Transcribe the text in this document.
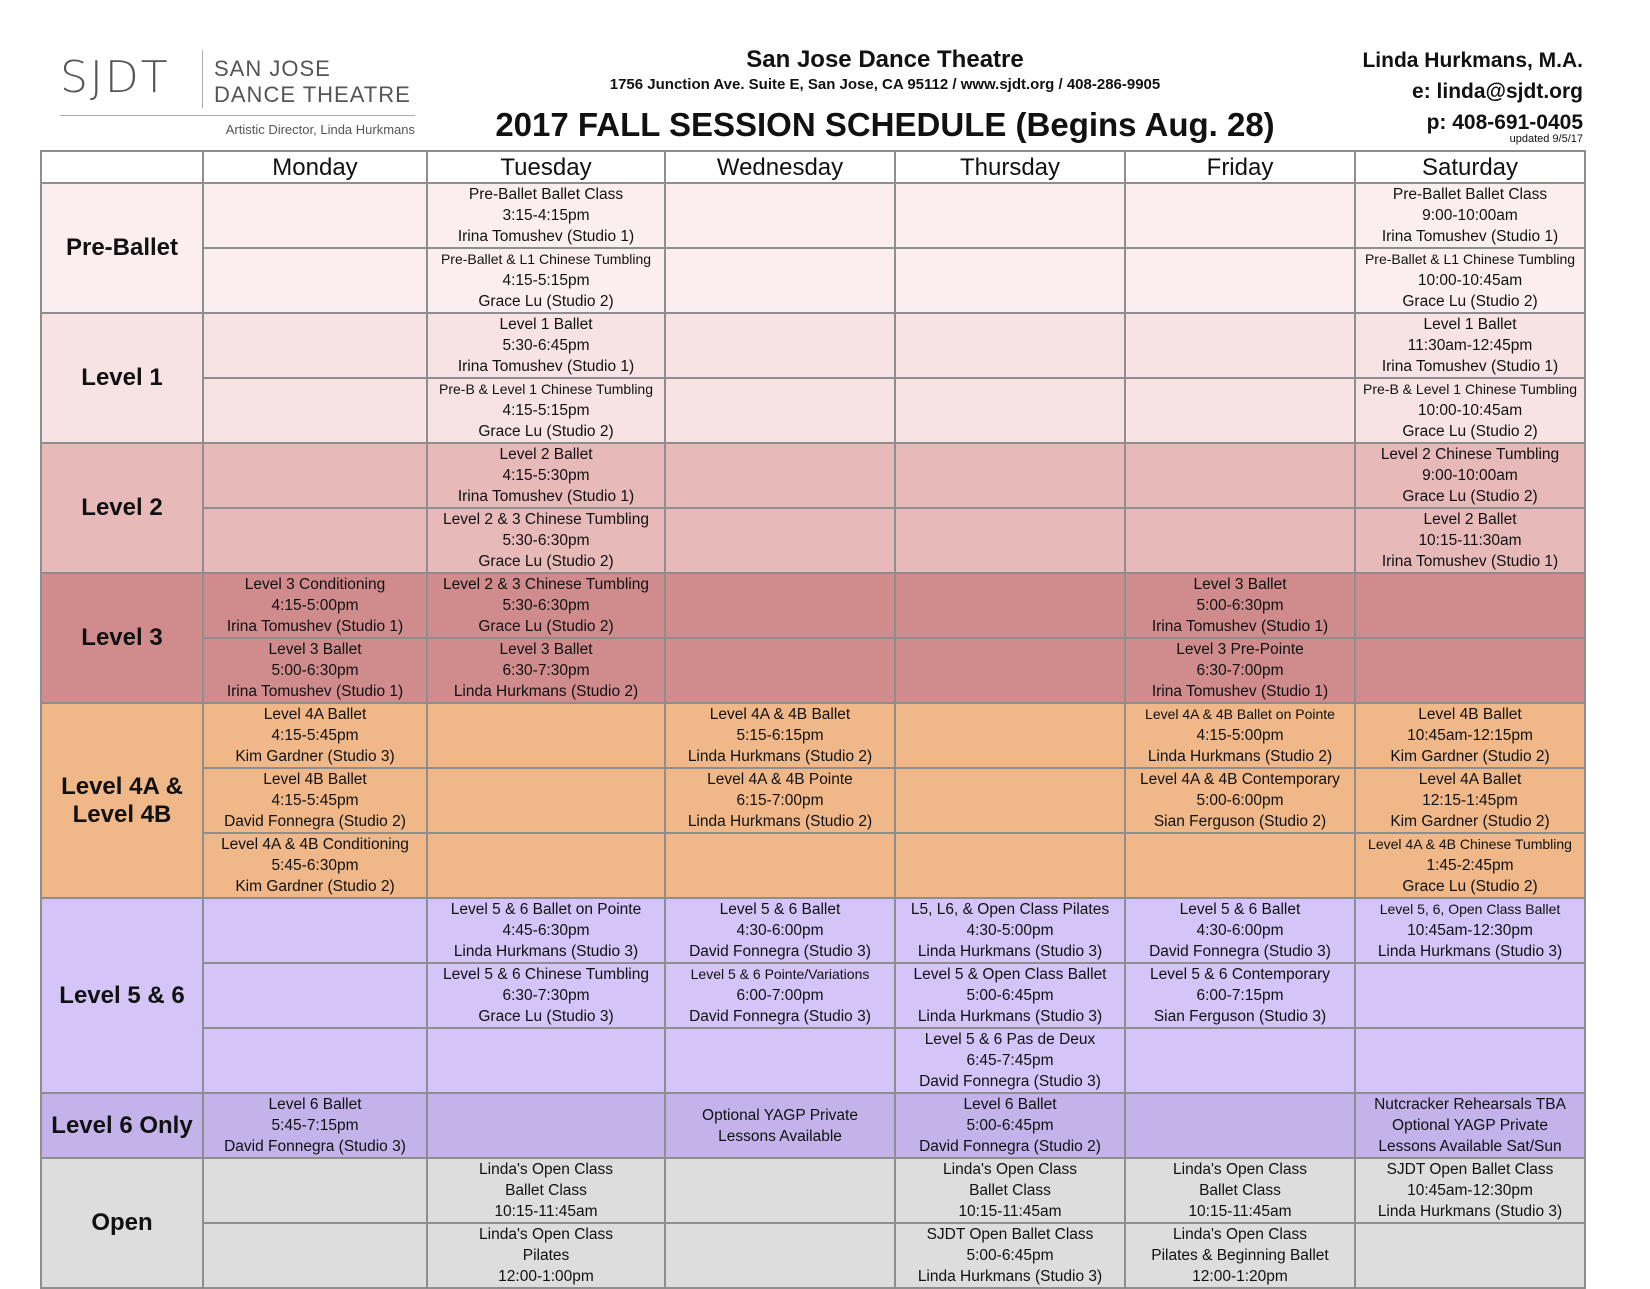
SJDT SAN JOSE
DANCE THEATRE
Artistic Director, Linda Hurkmans
San Jose Dance Theatre
1756 Junction Ave. Suite E, San Jose, CA 95112 / www.sjdt.org / 408-286-9905
2017 FALL SESSION SCHEDULE (Begins Aug. 28)
Linda Hurkmans, M.A.
e: linda@sjdt.org
p: 408-691-0405
updated 9/5/17
	Monday	Tuesday	Wednesday	Thursday	Friday	Saturday
Pre-Ballet		Pre-Ballet Ballet Class
3:15-4:15pm
Irina Tomushev (Studio 1)				Pre-Ballet Ballet Class
9:00-10:00am
Irina Tomushev (Studio 1)

		Pre-Ballet & L1 Chinese Tumbling
4:15-5:15pm
Grace Lu (Studio 2)				Pre-Ballet & L1 Chinese Tumbling
10:00-10:45am
Grace Lu (Studio 2)

Level 1		Level 1 Ballet
5:30-6:45pm
Irina Tomushev (Studio 1)				Level 1 Ballet
11:30am-12:45pm
Irina Tomushev (Studio 1)

		Pre-B & Level 1 Chinese Tumbling
4:15-5:15pm
Grace Lu (Studio 2)				Pre-B & Level 1 Chinese Tumbling
10:00-10:45am
Grace Lu (Studio 2)

Level 2		Level 2 Ballet
4:15-5:30pm
Irina Tomushev (Studio 1)				Level 2 Chinese Tumbling
9:00-10:00am
Grace Lu (Studio 2)

		Level 2 & 3 Chinese Tumbling
5:30-6:30pm
Grace Lu (Studio 2)				Level 2 Ballet
10:15-11:30am
Irina Tomushev (Studio 1)

Level 3	Level 3 Conditioning
4:15-5:00pm
Irina Tomushev (Studio 1)	Level 2 & 3 Chinese Tumbling
5:30-6:30pm
Grace Lu (Studio 2)			Level 3 Ballet
5:00-6:30pm
Irina Tomushev (Studio 1)	

	Level 3 Ballet
5:00-6:30pm
Irina Tomushev (Studio 1)	Level 3 Ballet
6:30-7:30pm
Linda Hurkmans (Studio 2)			Level 3 Pre-Pointe
6:30-7:00pm
Irina Tomushev (Studio 1)	

Level 4A & Level 4B	Level 4A Ballet
4:15-5:45pm
Kim Gardner (Studio 3)		Level 4A & 4B Ballet
5:15-6:15pm
Linda Hurkmans (Studio 2)		Level 4A & 4B Ballet on Pointe
4:15-5:00pm
Linda Hurkmans (Studio 2)	Level 4B Ballet
10:45am-12:15pm
Kim Gardner (Studio 2)

	Level 4B Ballet
4:15-5:45pm
David Fonnegra (Studio 2)		Level 4A & 4B Pointe
6:15-7:00pm
Linda Hurkmans (Studio 2)		Level 4A & 4B Contemporary
5:00-6:00pm
Sian Ferguson (Studio 2)	Level 4A Ballet
12:15-1:45pm
Kim Gardner (Studio 2)

	Level 4A & 4B Conditioning
5:45-6:30pm
Kim Gardner (Studio 2)					Level 4A & 4B Chinese Tumbling
1:45-2:45pm
Grace Lu (Studio 2)

Level 5 & 6		Level 5 & 6 Ballet on Pointe
4:45-6:30pm
Linda Hurkmans (Studio 3)	Level 5 & 6 Ballet
4:30-6:00pm
David Fonnegra (Studio 3)	L5, L6, & Open Class Pilates
4:30-5:00pm
Linda Hurkmans (Studio 3)	Level 5 & 6 Ballet
4:30-6:00pm
David Fonnegra (Studio 3)	Level 5, 6, Open Class Ballet
10:45am-12:30pm
Linda Hurkmans (Studio 3)

		Level 5 & 6 Chinese Tumbling
6:30-7:30pm
Grace Lu (Studio 3)	Level 5 & 6 Pointe/Variations
6:00-7:00pm
David Fonnegra (Studio 3)	Level 5 & Open Class Ballet
5:00-6:45pm
Linda Hurkmans (Studio 3)	Level 5 & 6 Contemporary
6:00-7:15pm
Sian Ferguson (Studio 3)	

				Level 5 & 6 Pas de Deux
6:45-7:45pm
David Fonnegra (Studio 3)		

Level 6 Only	Level 6 Ballet
5:45-7:15pm
David Fonnegra (Studio 3)		Optional YAGP Private
Lessons Available	Level 6 Ballet
5:00-6:45pm
David Fonnegra (Studio 2)		Nutcracker Rehearsals TBA
Optional YAGP Private
Lessons Available Sat/Sun

Open		Linda's Open Class
Ballet Class
10:15-11:45am		Linda's Open Class
Ballet Class
10:15-11:45am	Linda's Open Class
Ballet Class
10:15-11:45am	SJDT Open Ballet Class
10:45am-12:30pm
Linda Hurkmans (Studio 3)

		Linda's Open Class
Pilates
12:00-1:00pm		SJDT Open Ballet Class
5:00-6:45pm
Linda Hurkmans (Studio 3)	Linda's Open Class
Pilates & Beginning Ballet
12:00-1:20pm	
